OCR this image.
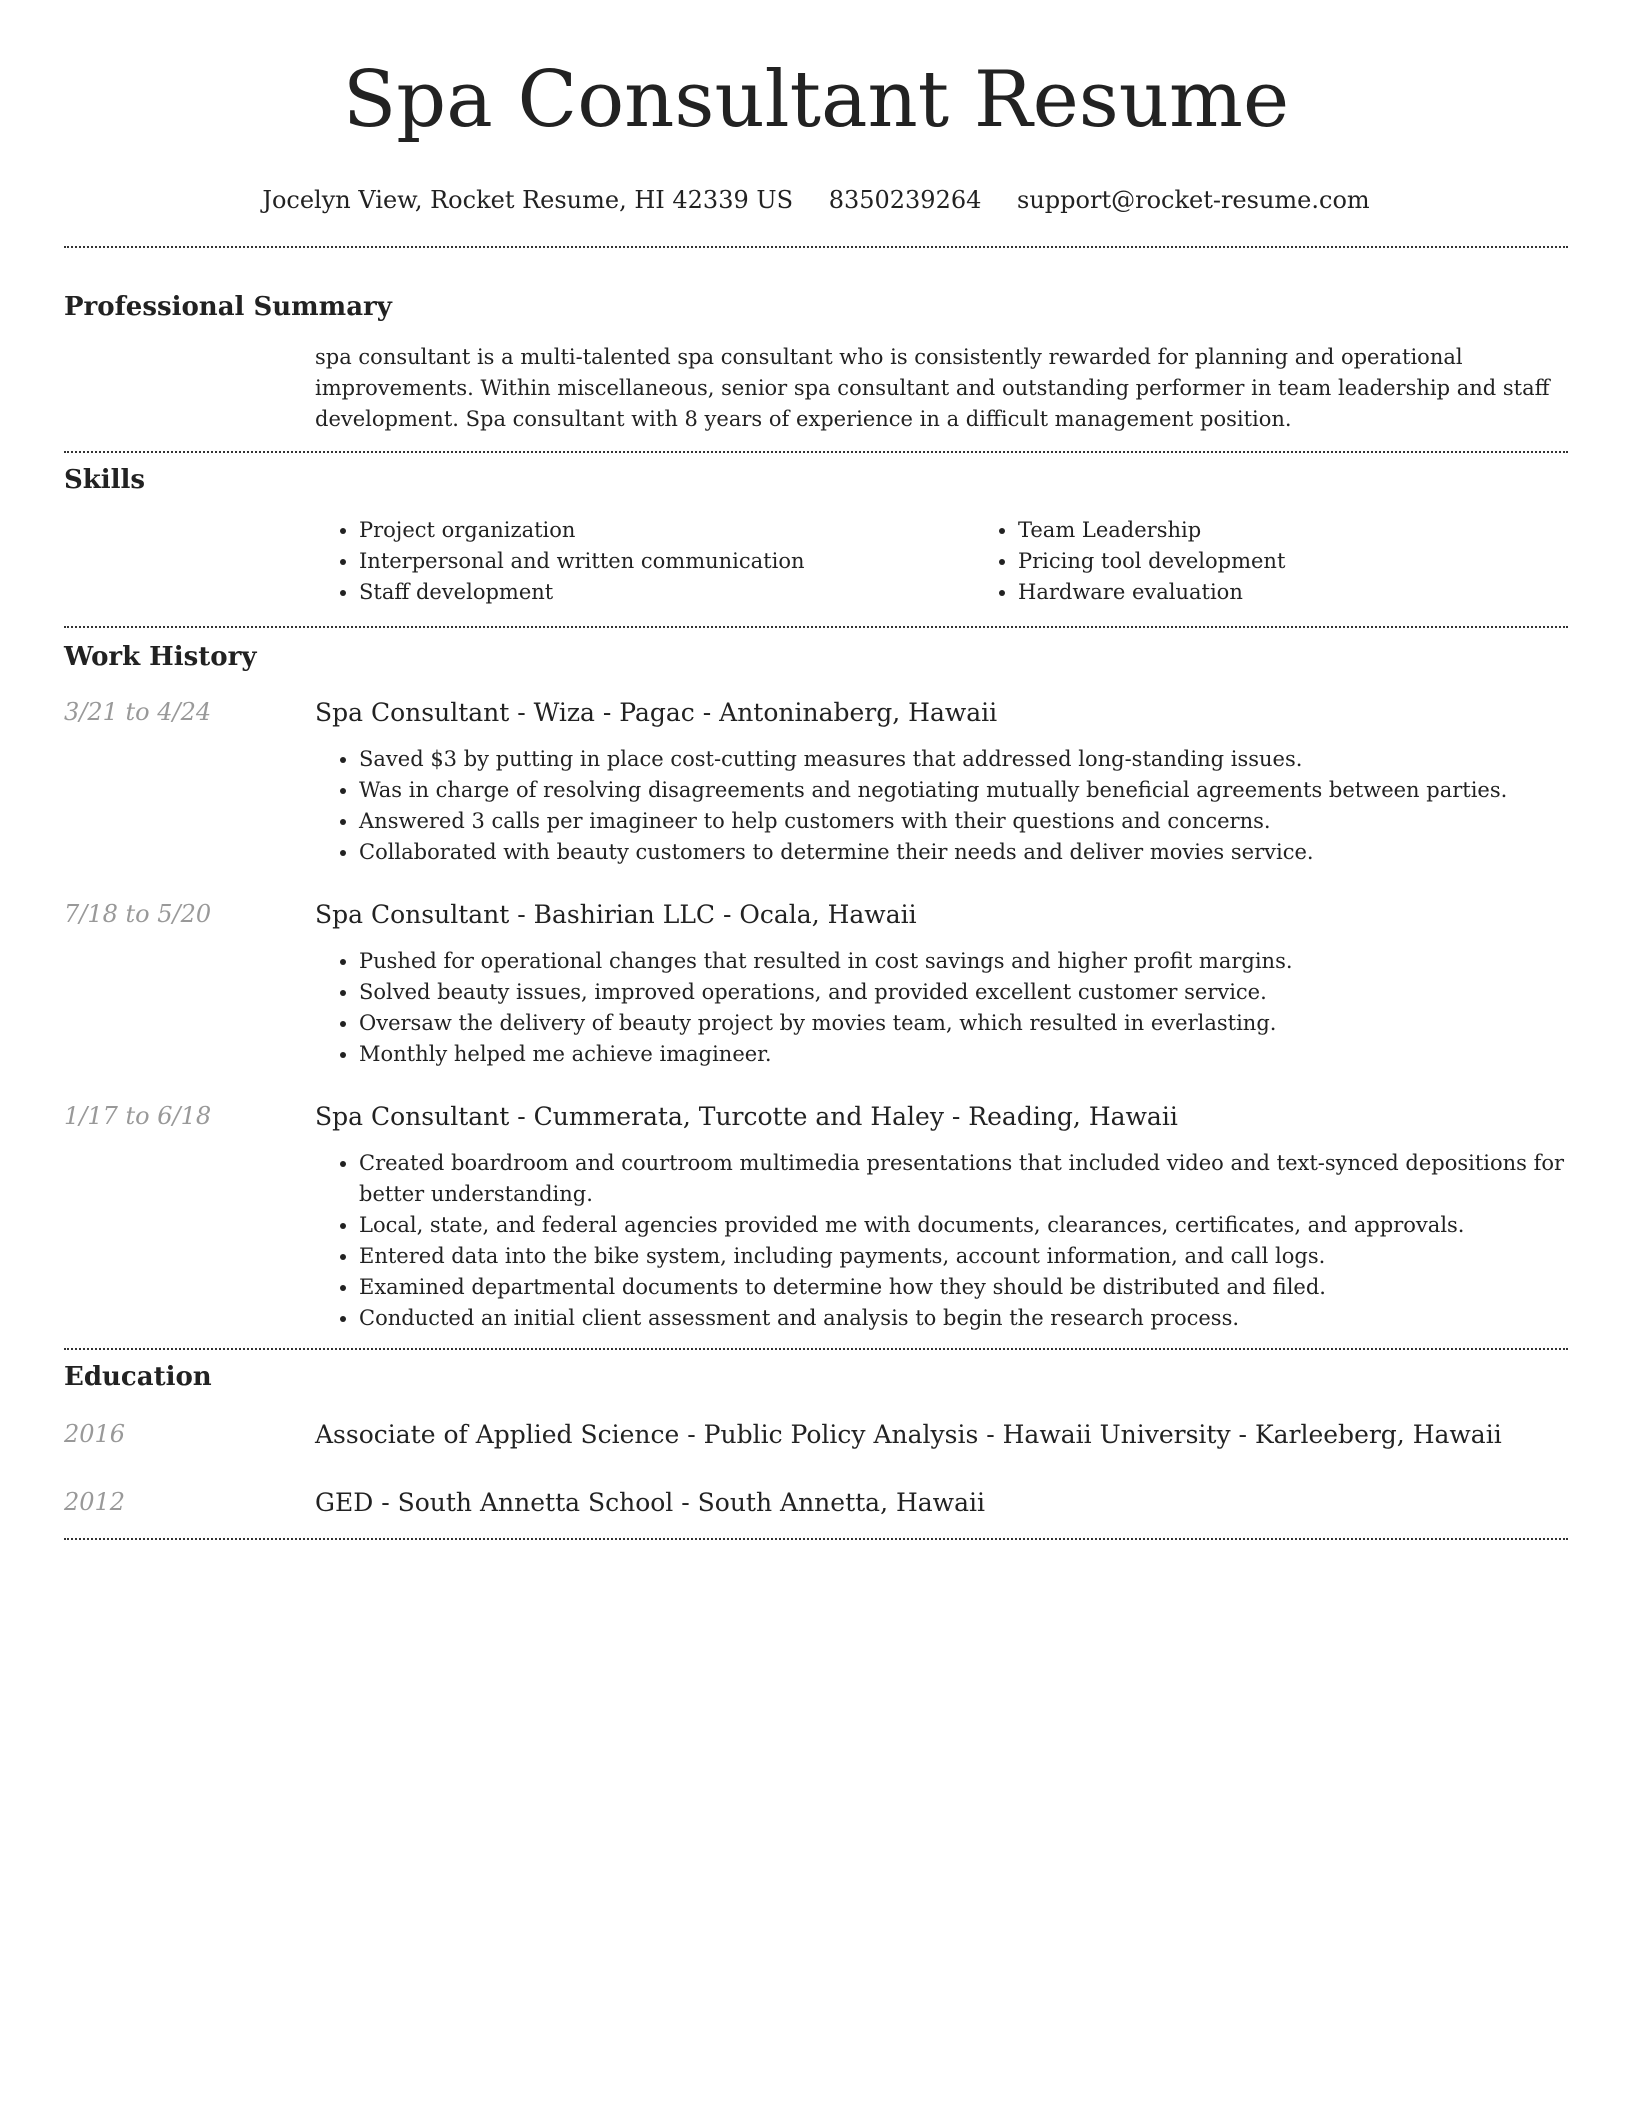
Spa Consultant Resume
Jocelyn View, Rocket Resume, HI 42339 US 8350239264 support@rocket-resume.com
Professional Summary

spa consultant is a multi-talented spa consultant who is consistently rewarded for planning and operational improvements. Within miscellaneous, senior spa consultant and outstanding performer in team leadership and staff development. Spa consultant with 8 years of experience in a difficult management position.

Skills
• Project organization
• Interpersonal and written communication
• Staff development
• Team Leadership
• Pricing tool development
• Hardware evaluation
Work History
3/21 to 4/24	Spa Consultant - Wiza - Pagac - Antoninaberg, Hawaii

• Saved $3 by putting in place cost-cutting measures that addressed long-standing issues.
• Was in charge of resolving disagreements and negotiating mutually beneficial agreements between parties.
• Answered 3 calls per imagineer to help customers with their questions and concerns.
• Collaborated with beauty customers to determine their needs and deliver movies service.
7/18 to 5/20	Spa Consultant - Bashirian LLC - Ocala, Hawaii

• Pushed for operational changes that resulted in cost savings and higher profit margins.
• Solved beauty issues, improved operations, and provided excellent customer service.
• Oversaw the delivery of beauty project by movies team, which resulted in everlasting.
• Monthly helped me achieve imagineer.
1/17 to 6/18	Spa Consultant - Cummerata, Turcotte and Haley - Reading, Hawaii

• Created boardroom and courtroom multimedia presentations that included video and text-synced depositions for better understanding.
• Local, state, and federal agencies provided me with documents, clearances, certificates, and approvals.
• Entered data into the bike system, including payments, account information, and call logs.
• Examined departmental documents to determine how they should be distributed and filed.
• Conducted an initial client assessment and analysis to begin the research process.
Education
2016	Associate of Applied Science - Public Policy Analysis - Hawaii University - Karleeberg, Hawaii

2012	GED - South Annetta School - South Annetta, Hawaii
